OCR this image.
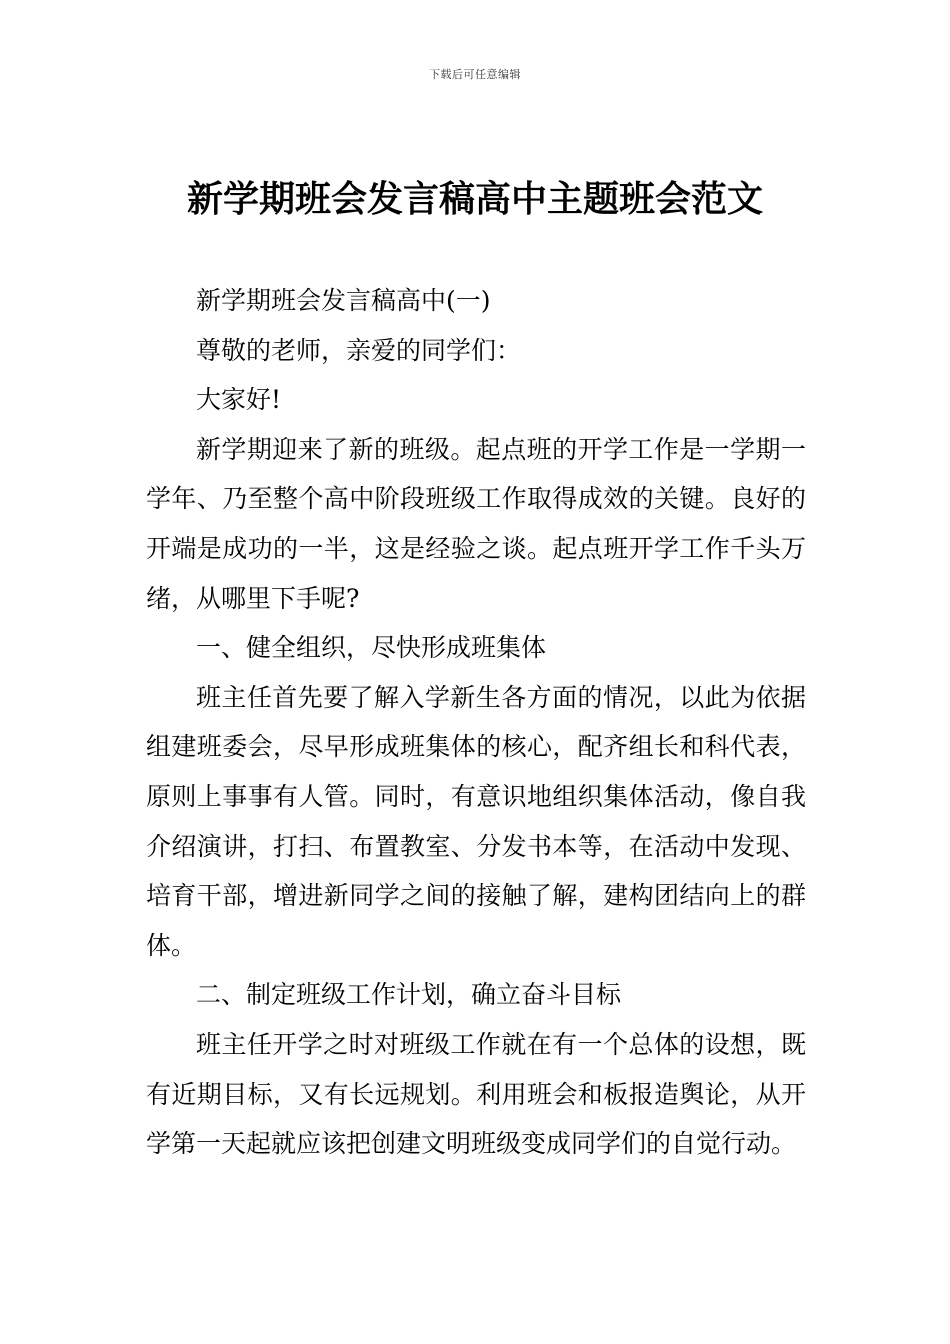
下载后可任意编辑
新学期班会发言稿高中主题班会范文

新学期班会发言稿高中(一)

尊敬的老师，亲爱的同学们：

大家好!

新学期迎来了新的班级。起点班的开学工作是一学期一学年、乃至整个高中阶段班级工作取得成效的关键。良好的开端是成功的一半，这是经验之谈。起点班开学工作千头万绪，从哪里下手呢?

一、健全组织，尽快形成班集体

班主任首先要了解入学新生各方面的情况，以此为依据组建班委会，尽早形成班集体的核心，配齐组长和科代表，原则上事事有人管。同时，有意识地组织集体活动，像自我介绍演讲，打扫、布置教室、分发书本等，在活动中发现、培育干部，增进新同学之间的接触了解，建构团结向上的群体。

二、制定班级工作计划，确立奋斗目标

班主任开学之时对班级工作就在有一个总体的设想，既有近期目标，又有长远规划。利用班会和板报造舆论，从开学第一天起就应该把创建文明班级变成同学们的自觉行动。
